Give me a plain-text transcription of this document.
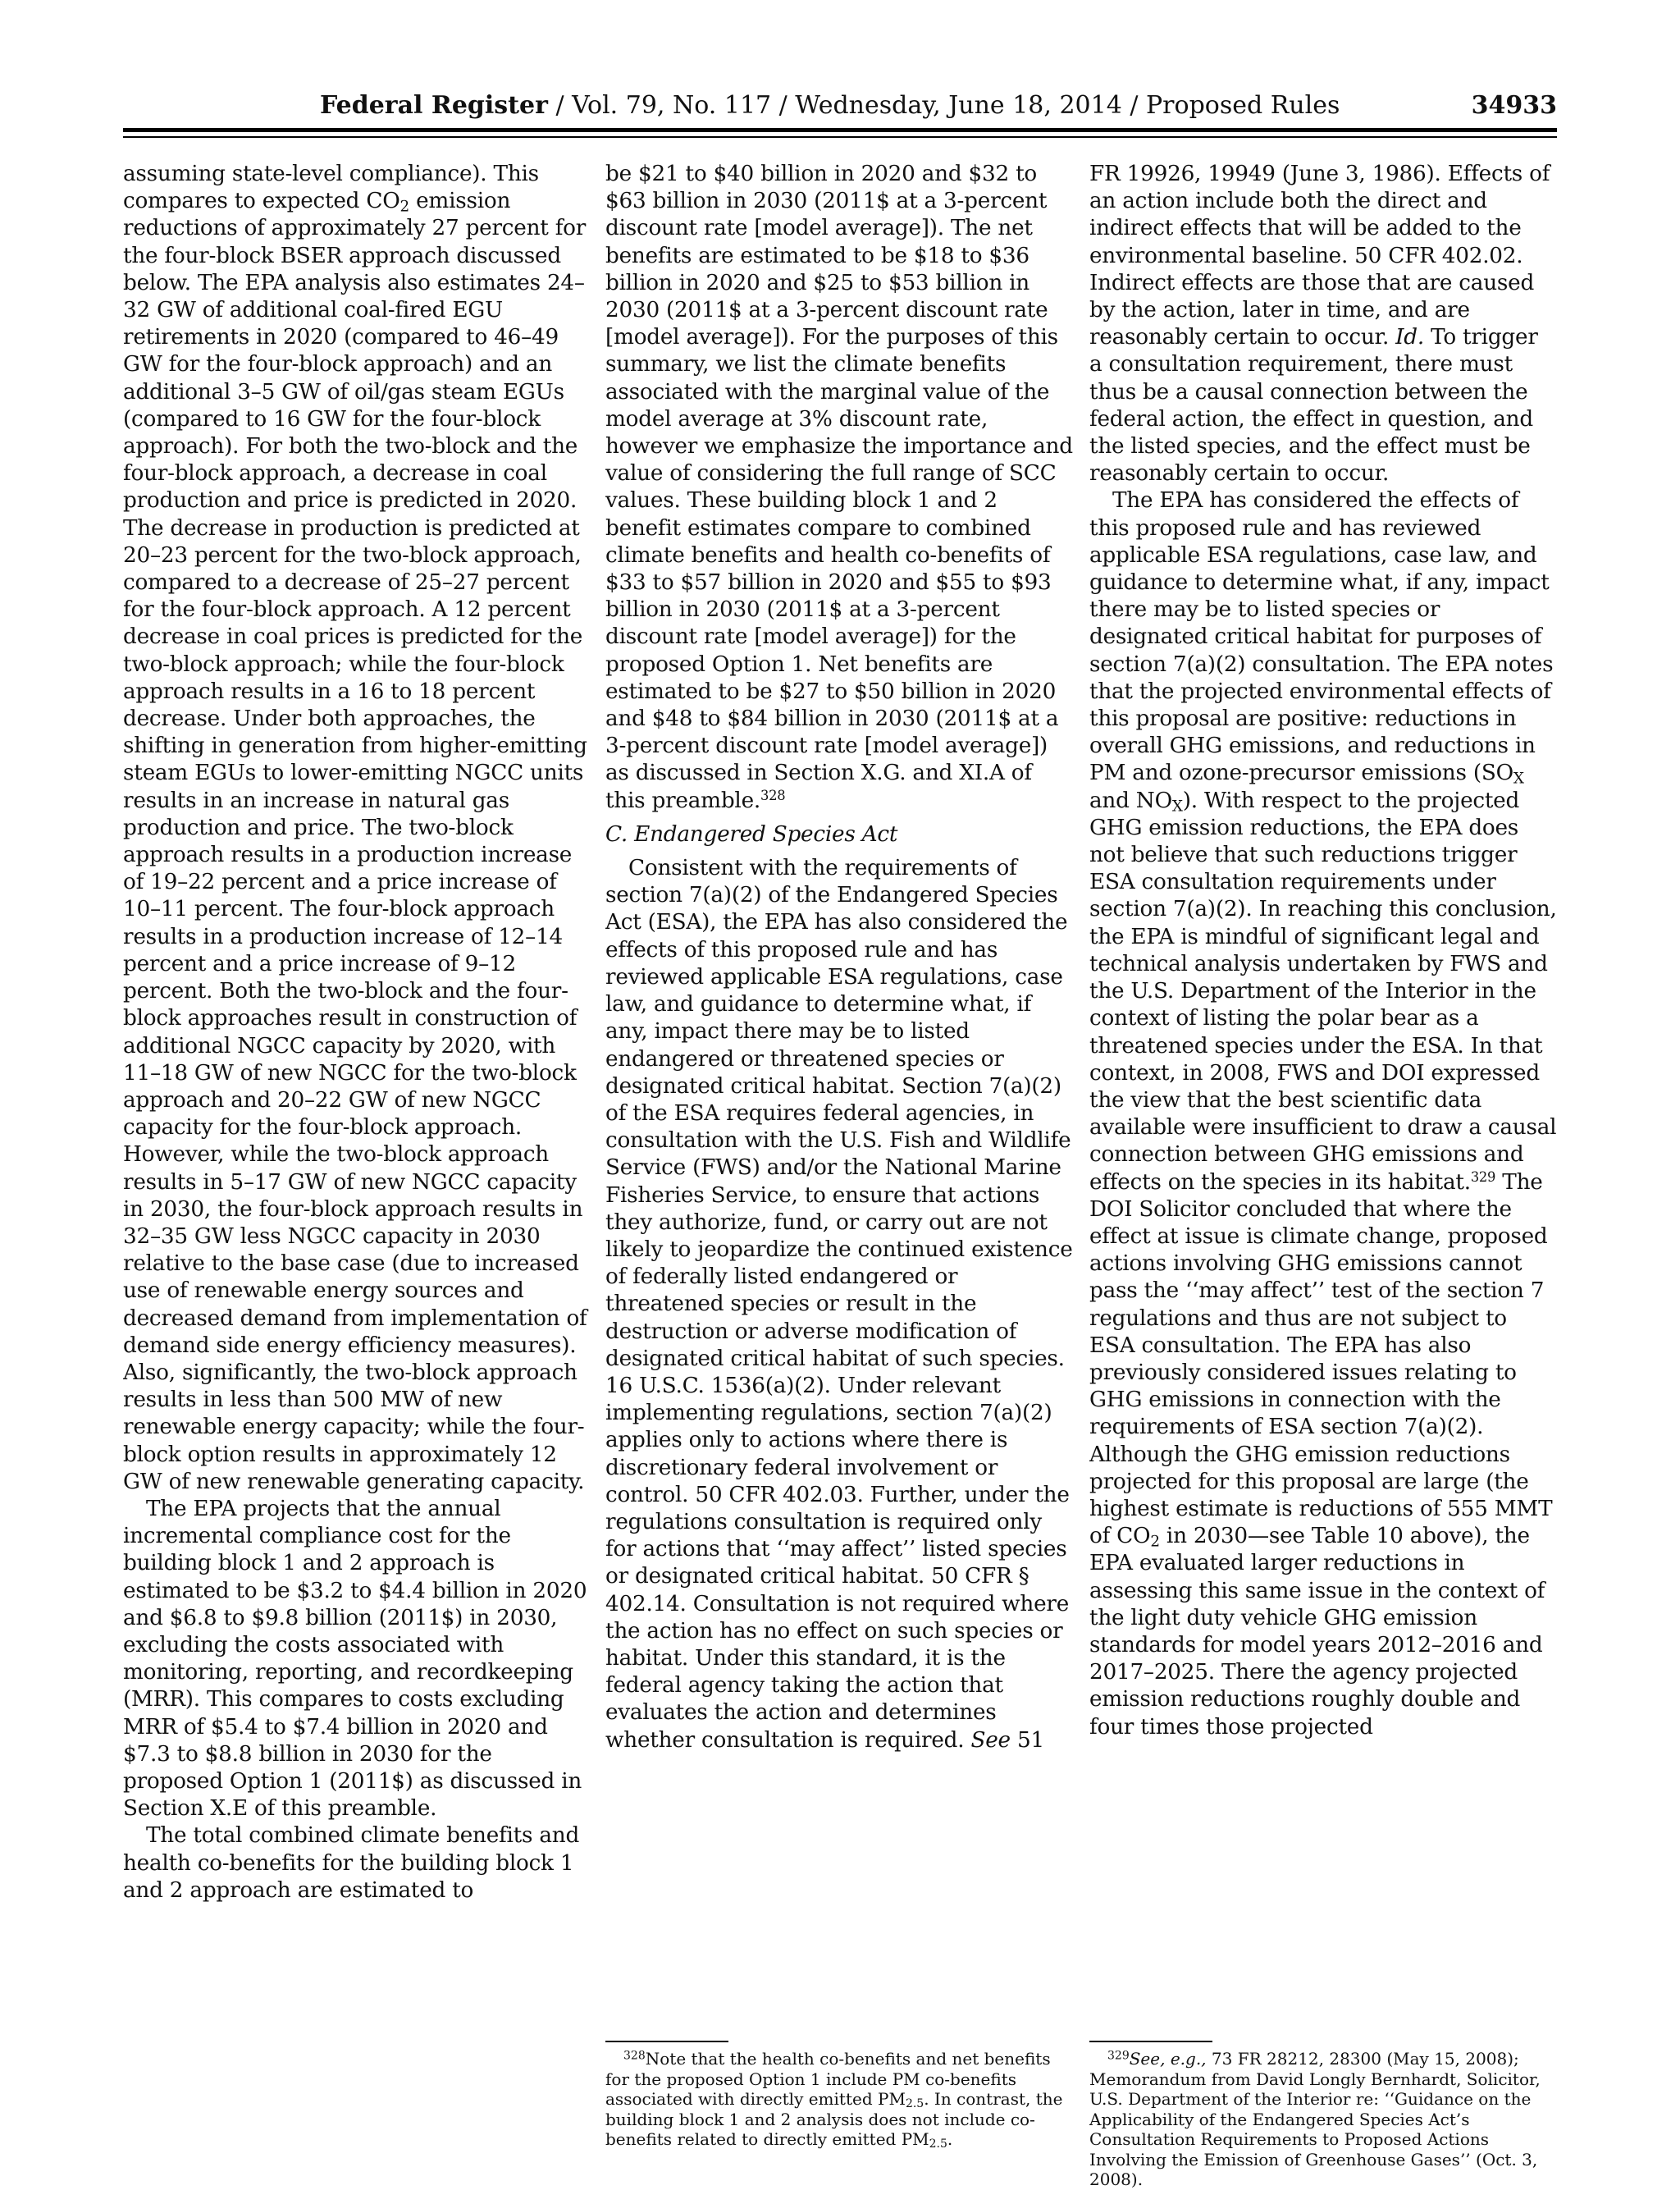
Federal Register / Vol. 79, No. 117 / Wednesday, June 18, 2014 / Proposed Rules	34933

assuming state-level compliance). This compares to expected $CO_2$ emission reductions of approximately 27 percent for the four-block BSER approach discussed below. The EPA analysis also estimates 24–32 GW of additional coal-fired EGU retirements in 2020 (compared to 46–49 GW for the four-block approach) and an additional 3–5 GW of oil/gas steam EGUs (compared to 16 GW for the four-block approach). For both the two-block and the four-block approach, a decrease in coal production and price is predicted in 2020. The decrease in production is predicted at 20–23 percent for the two-block approach, compared to a decrease of 25–27 percent for the four-block approach. A 12 percent decrease in coal prices is predicted for the two-block approach; while the four-block approach results in a 16 to 18 percent decrease. Under both approaches, the shifting in generation from higher-emitting steam EGUs to lower-emitting NGCC units results in an increase in natural gas production and price. The two-block approach results in a production increase of 19–22 percent and a price increase of 10–11 percent. The four-block approach results in a production increase of 12–14 percent and a price increase of 9–12 percent. Both the two-block and the four-block approaches result in construction of additional NGCC capacity by 2020, with 11–18 GW of new NGCC for the two-block approach and 20–22 GW of new NGCC capacity for the four-block approach. However, while the two-block approach results in 5–17 GW of new NGCC capacity in 2030, the four-block approach results in 32–35 GW less NGCC capacity in 2030 relative to the base case (due to increased use of renewable energy sources and decreased demand from implementation of demand side energy efficiency measures). Also, significantly, the two-block approach results in less than 500 MW of new renewable energy capacity; while the four-block option results in approximately 12 GW of new renewable generating capacity.

The EPA projects that the annual incremental compliance cost for the building block 1 and 2 approach is estimated to be $3.2 to $4.4 billion in 2020 and $6.8 to $9.8 billion (2011$) in 2030, excluding the costs associated with monitoring, reporting, and recordkeeping (MRR). This compares to costs excluding MRR of $5.4 to $7.4 billion in 2020 and $7.3 to $8.8 billion in 2030 for the proposed Option 1 (2011$) as discussed in Section X.E of this preamble.

The total combined climate benefits and health co-benefits for the building block 1 and 2 approach are estimated to

be $21 to $40 billion in 2020 and $32 to $63 billion in 2030 (2011$ at a 3-percent discount rate [model average]). The net benefits are estimated to be $18 to $36 billion in 2020 and $25 to $53 billion in 2030 (2011$ at a 3-percent discount rate [model average]). For the purposes of this summary, we list the climate benefits associated with the marginal value of the model average at 3% discount rate, however we emphasize the importance and value of considering the full range of SCC values. These building block 1 and 2 benefit estimates compare to combined climate benefits and health co-benefits of $33 to $57 billion in 2020 and $55 to $93 billion in 2030 (2011$ at a 3-percent discount rate [model average]) for the proposed Option 1. Net benefits are estimated to be $27 to $50 billion in 2020 and $48 to $84 billion in 2030 (2011$ at a 3-percent discount rate [model average]) as discussed in Section X.G. and XI.A of this preamble.$^{328}$

C. Endangered Species Act

Consistent with the requirements of section 7(a)(2) of the Endangered Species Act (ESA), the EPA has also considered the effects of this proposed rule and has reviewed applicable ESA regulations, case law, and guidance to determine what, if any, impact there may be to listed endangered or threatened species or designated critical habitat. Section 7(a)(2) of the ESA requires federal agencies, in consultation with the U.S. Fish and Wildlife Service (FWS) and/or the National Marine Fisheries Service, to ensure that actions they authorize, fund, or carry out are not likely to jeopardize the continued existence of federally listed endangered or threatened species or result in the destruction or adverse modification of designated critical habitat of such species. 16 U.S.C. 1536(a)(2). Under relevant implementing regulations, section 7(a)(2) applies only to actions where there is discretionary federal involvement or control. 50 CFR 402.03. Further, under the regulations consultation is required only for actions that ‘‘may affect’’ listed species or designated critical habitat. 50 CFR § 402.14. Consultation is not required where the action has no effect on such species or habitat. Under this standard, it is the federal agency taking the action that evaluates the action and determines whether consultation is required. See 51

$^{328}$Note that the health co-benefits and net benefits for the proposed Option 1 include PM co-benefits associated with directly emitted $PM_{2.5}$. In contrast, the building block 1 and 2 analysis does not include co-benefits related to directly emitted $PM_{2.5}$.

FR 19926, 19949 (June 3, 1986). Effects of an action include both the direct and indirect effects that will be added to the environmental baseline. 50 CFR 402.02. Indirect effects are those that are caused by the action, later in time, and are reasonably certain to occur. Id. To trigger a consultation requirement, there must thus be a causal connection between the federal action, the effect in question, and the listed species, and the effect must be reasonably certain to occur.

The EPA has considered the effects of this proposed rule and has reviewed applicable ESA regulations, case law, and guidance to determine what, if any, impact there may be to listed species or designated critical habitat for purposes of section 7(a)(2) consultation. The EPA notes that the projected environmental effects of this proposal are positive: reductions in overall GHG emissions, and reductions in PM and ozone-precursor emissions ($SO_X$ and $NO_X$). With respect to the projected GHG emission reductions, the EPA does not believe that such reductions trigger ESA consultation requirements under section 7(a)(2). In reaching this conclusion, the EPA is mindful of significant legal and technical analysis undertaken by FWS and the U.S. Department of the Interior in the context of listing the polar bear as a threatened species under the ESA. In that context, in 2008, FWS and DOI expressed the view that the best scientific data available were insufficient to draw a causal connection between GHG emissions and effects on the species in its habitat.$^{329}$ The DOI Solicitor concluded that where the effect at issue is climate change, proposed actions involving GHG emissions cannot pass the ‘‘may affect’’ test of the section 7 regulations and thus are not subject to ESA consultation. The EPA has also previously considered issues relating to GHG emissions in connection with the requirements of ESA section 7(a)(2). Although the GHG emission reductions projected for this proposal are large (the highest estimate is reductions of 555 MMT of $CO_2$ in 2030—see Table 10 above), the EPA evaluated larger reductions in assessing this same issue in the context of the light duty vehicle GHG emission standards for model years 2012–2016 and 2017–2025. There the agency projected emission reductions roughly double and four times those projected

$^{329}$See, e.g., 73 FR 28212, 28300 (May 15, 2008); Memorandum from David Longly Bernhardt, Solicitor, U.S. Department of the Interior re: ‘‘Guidance on the Applicability of the Endangered Species Act’s Consultation Requirements to Proposed Actions Involving the Emission of Greenhouse Gases’’ (Oct. 3, 2008).
